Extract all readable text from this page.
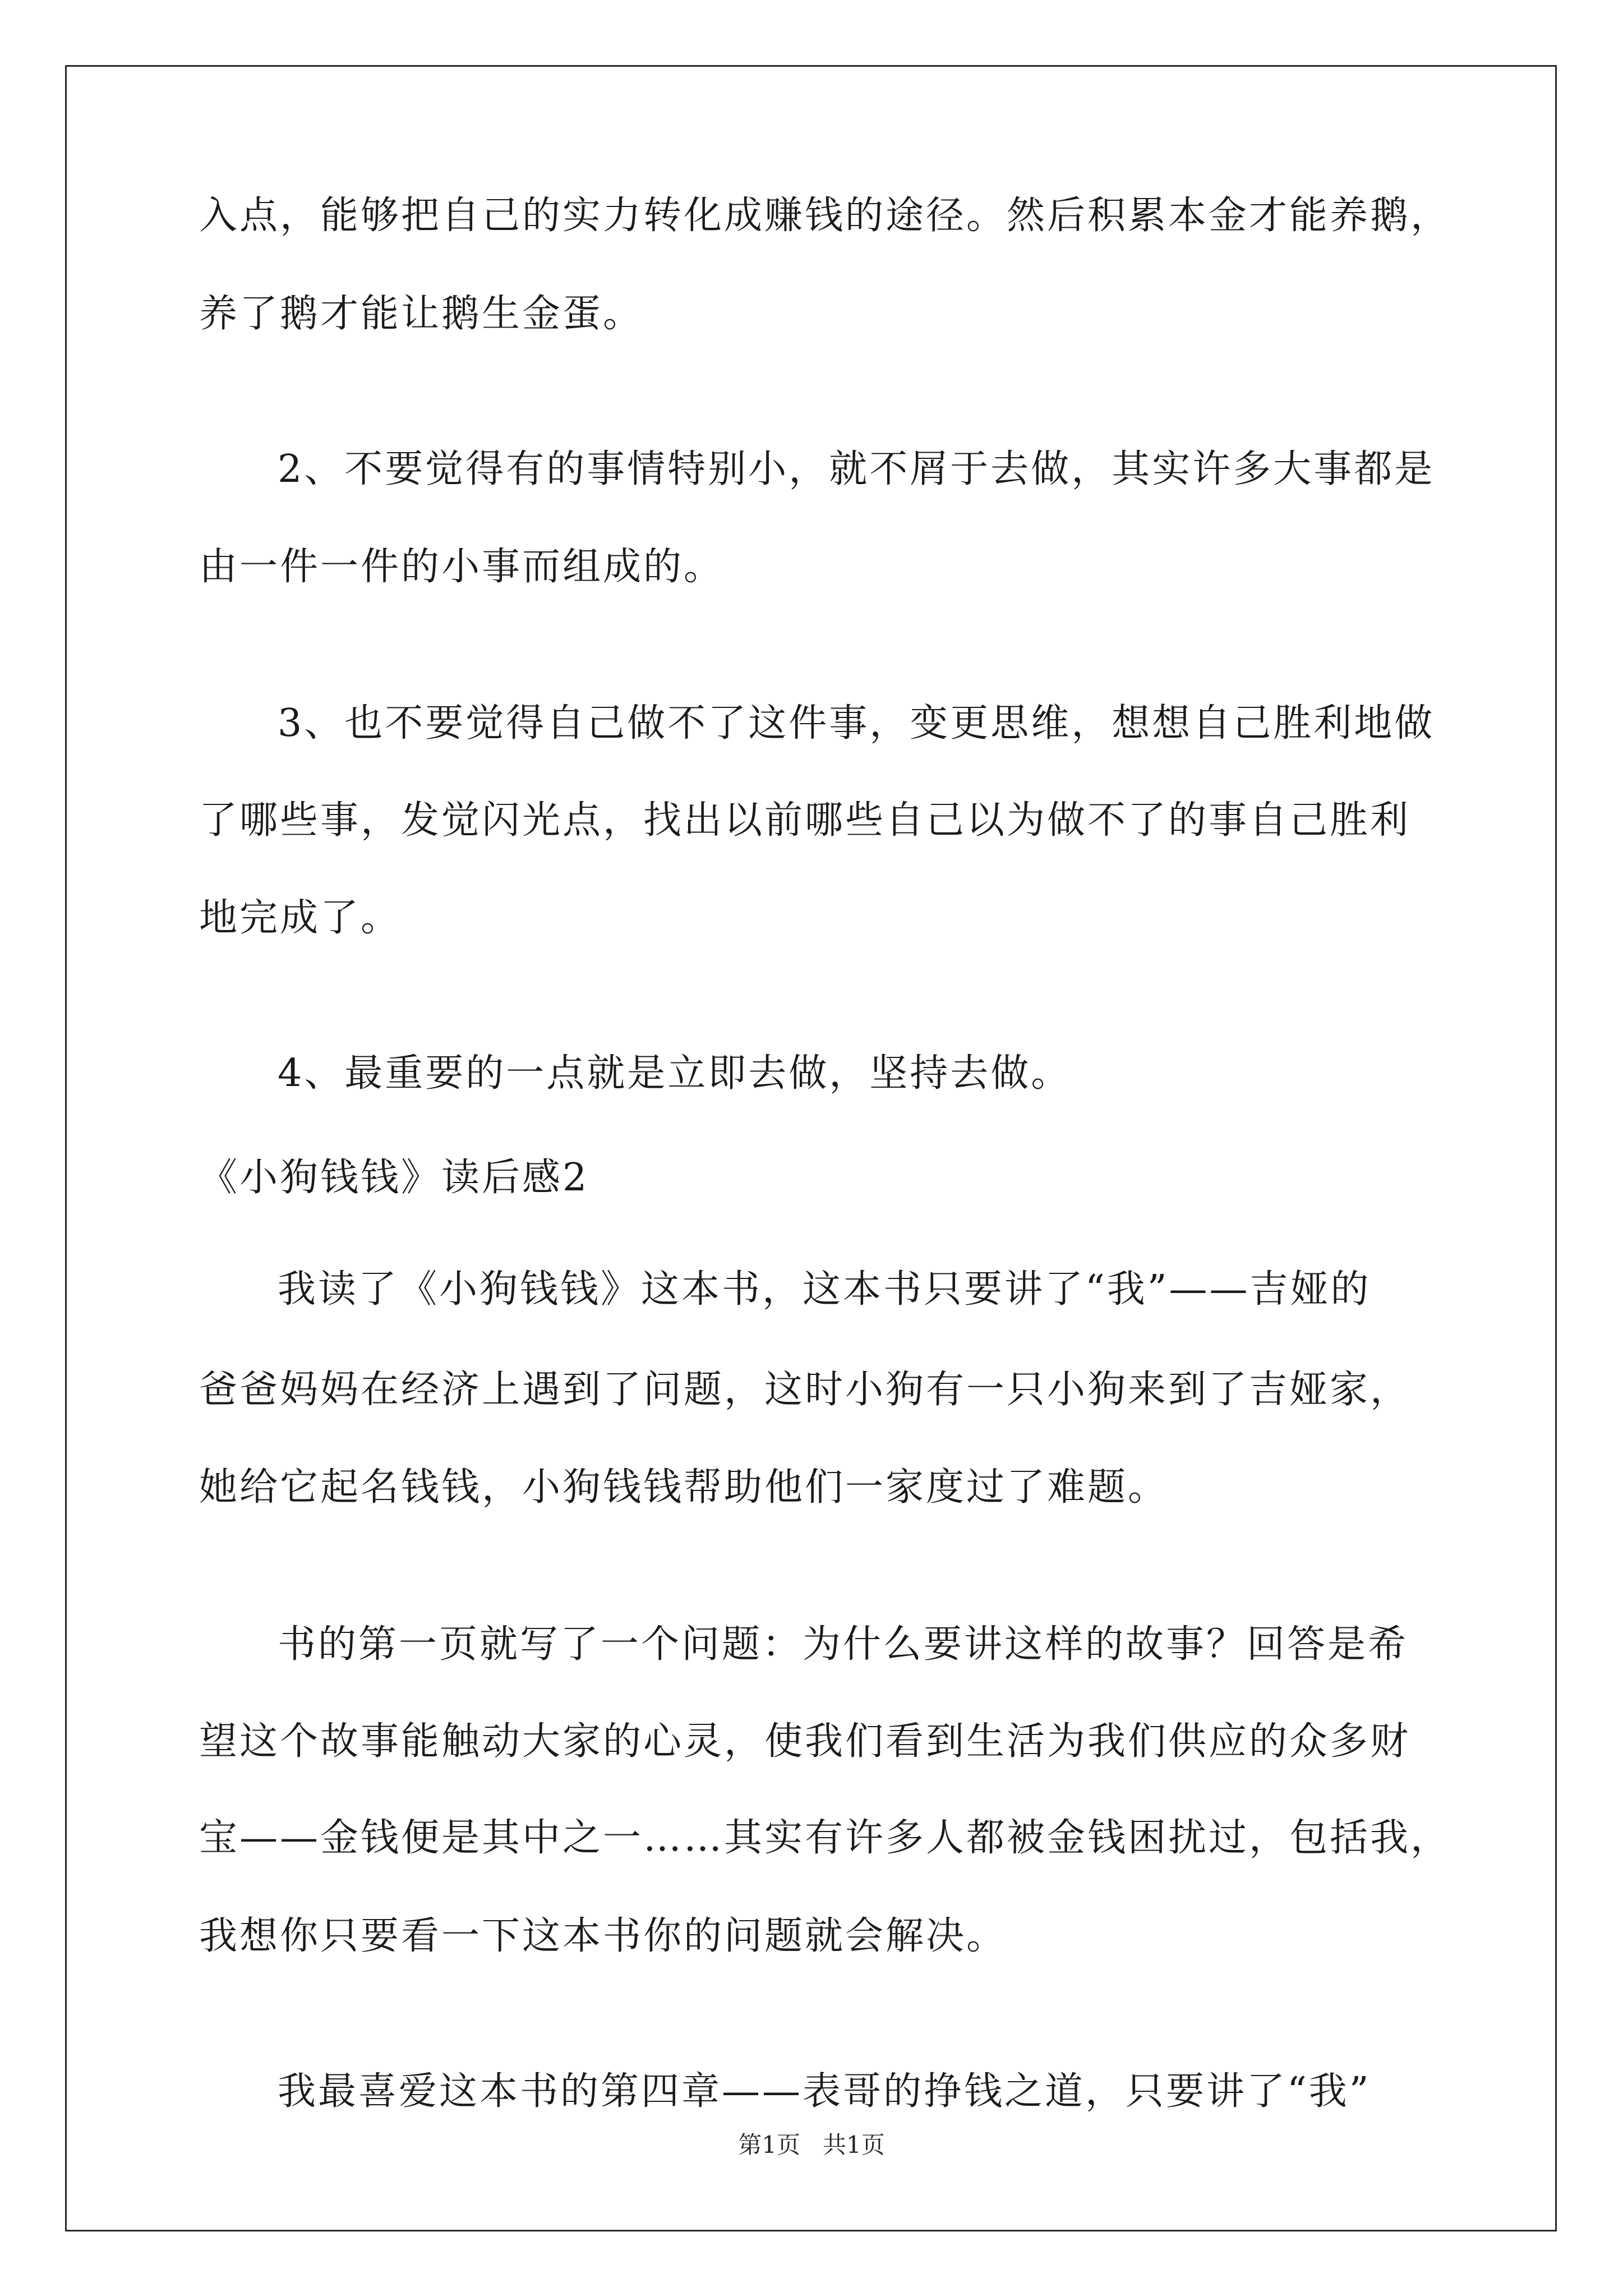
入点，能够把自己的实力转化成赚钱的途径。然后积累本金才能养鹅，
养了鹅才能让鹅生金蛋。
2、不要觉得有的事情特别小，就不屑于去做，其实许多大事都是
由一件一件的小事而组成的。
3、也不要觉得自己做不了这件事，变更思维，想想自己胜利地做
了哪些事，发觉闪光点，找出以前哪些自己以为做不了的事自己胜利
地完成了。
4、最重要的一点就是立即去做，坚持去做。
《小狗钱钱》读后感2
我读了《小狗钱钱》这本书，这本书只要讲了“我”——吉娅的
爸爸妈妈在经济上遇到了问题，这时小狗有一只小狗来到了吉娅家，
她给它起名钱钱，小狗钱钱帮助他们一家度过了难题。
书的第一页就写了一个问题：为什么要讲这样的故事？回答是希
望这个故事能触动大家的心灵，使我们看到生活为我们供应的众多财
宝——金钱便是其中之一……其实有许多人都被金钱困扰过，包括我，
我想你只要看一下这本书你的问题就会解决。
我最喜爱这本书的第四章——表哥的挣钱之道，只要讲了“我”
第1页   共1页
